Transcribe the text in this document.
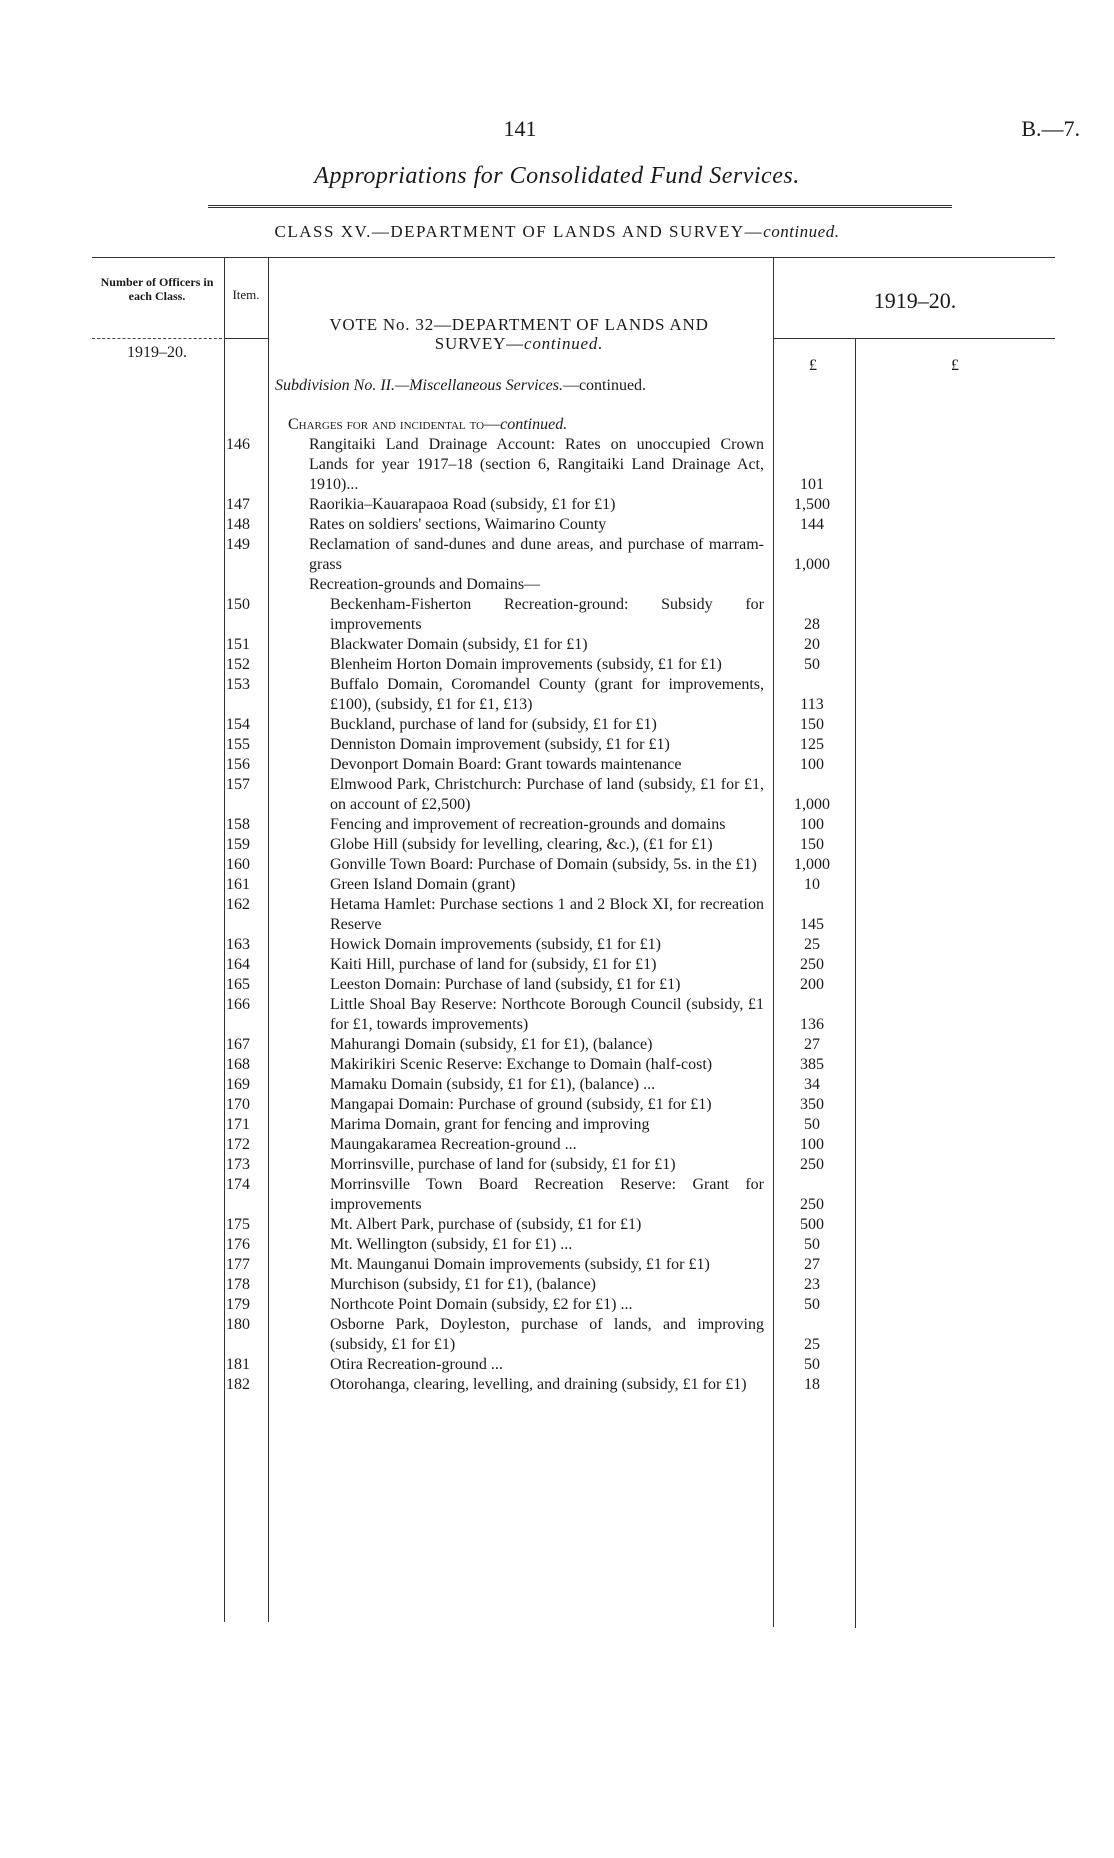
141	B.—7.
Appropriations for Consolidated Fund Services.
CLASS XV.—DEPARTMENT OF LANDS AND SURVEY—continued.
Number of Officers in each Class.	Item.
1919–20.
1919–20.
£	£
VOTE No. 32—DEPARTMENT OF LANDS AND
SURVEY—continued.
Subdivision No. II.—Miscellaneous Services.—continued.
Charges for and incidental to—continued.
146	Rangitaiki Land Drainage Account: Rates on unoccupied Crown Lands for year 1917–18 (section 6, Rangitaiki Land Drainage Act, 1910)...	101
147	Raorikia–Kauarapaoa Road (subsidy, £1 for £1)	1,500
148	Rates on soldiers' sections, Waimarino County	144
149	Reclamation of sand-dunes and dune areas, and purchase of marram-grass	1,000
Recreation-grounds and Domains—
150	Beckenham-Fisherton Recreation-ground: Subsidy for improvements	28
151	Blackwater Domain (subsidy, £1 for £1)	20
152	Blenheim Horton Domain improvements (subsidy, £1 for £1)	50
153	Buffalo Domain, Coromandel County (grant for improvements, £100), (subsidy, £1 for £1, £13)	113
154	Buckland, purchase of land for (subsidy, £1 for £1)	150
155	Denniston Domain improvement (subsidy, £1 for £1)	125
156	Devonport Domain Board: Grant towards maintenance	100
157	Elmwood Park, Christchurch: Purchase of land (subsidy, £1 for £1, on account of £2,500)	1,000
158	Fencing and improvement of recreation-grounds and domains	100
159	Globe Hill (subsidy for levelling, clearing, &c.), (£1 for £1)	150
160	Gonville Town Board: Purchase of Domain (subsidy, 5s. in the £1)	1,000
161	Green Island Domain (grant)	10
162	Hetama Hamlet: Purchase sections 1 and 2 Block XI, for recreation Reserve	145
163	Howick Domain improvements (subsidy, £1 for £1)	25
164	Kaiti Hill, purchase of land for (subsidy, £1 for £1)	250
165	Leeston Domain: Purchase of land (subsidy, £1 for £1)	200
166	Little Shoal Bay Reserve: Northcote Borough Council (subsidy, £1 for £1, towards improvements)	136
167	Mahurangi Domain (subsidy, £1 for £1), (balance)	27
168	Makirikiri Scenic Reserve: Exchange to Domain (half-cost)	385
169	Mamaku Domain (subsidy, £1 for £1), (balance) ...	34
170	Mangapai Domain: Purchase of ground (subsidy, £1 for £1)	350
171	Marima Domain, grant for fencing and improving	50
172	Maungakaramea Recreation-ground ...	100
173	Morrinsville, purchase of land for (subsidy, £1 for £1)	250
174	Morrinsville Town Board Recreation Reserve: Grant for improvements	250
175	Mt. Albert Park, purchase of (subsidy, £1 for £1)	500
176	Mt. Wellington (subsidy, £1 for £1) ...	50
177	Mt. Maunganui Domain improvements (subsidy, £1 for £1)	27
178	Murchison (subsidy, £1 for £1), (balance)	23
179	Northcote Point Domain (subsidy, £2 for £1) ...	50
180	Osborne Park, Doyleston, purchase of lands, and improving (subsidy, £1 for £1)	25
181	Otira Recreation-ground ...	50
182	Otorohanga, clearing, levelling, and draining (subsidy, £1 for £1)	18
